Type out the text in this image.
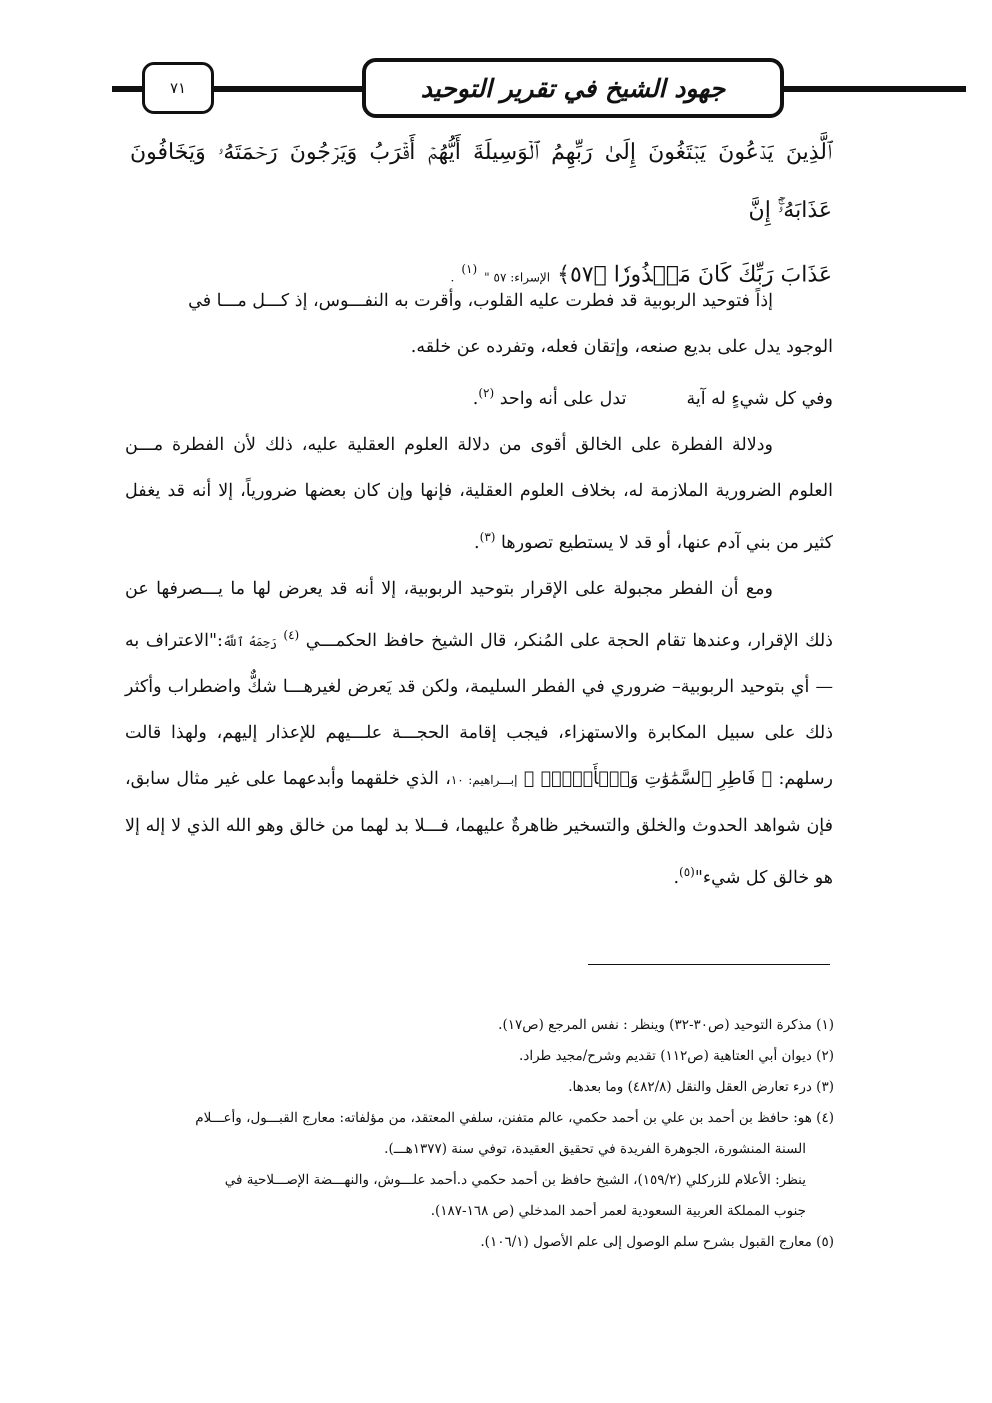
٧١	جهود الشيخ في تقرير التوحيد
ٱلَّذِينَ يَدۡعُونَ يَبۡتَغُونَ إِلَىٰ رَبِّهِمُ ٱلۡوَسِيلَةَ أَيُّهُمۡ أَقۡرَبُ وَيَرۡجُونَ رَحۡمَتَهُۥ وَيَخَافُونَ عَذَابَهُۥٓۚ إِنَّ
عَذَابَ رَبِّكَ كَانَ مَحۡذُورٗا ﴿٥٧﴾ الإسراء: ٥٧ " $^{(١)}$ .

إذاً فتوحيد الربوبية قد فطرت عليه القلوب، وأقرت به النفـــوس، إذ كـــل مـــا في

الوجود يدل على بديع صنعه، وإتقان فعله، وتفرده عن خلقه.

وفي كل شيءٍ له آيةتدل على أنه واحد $^{(٢)}$.

ودلالة الفطرة على الخالق أقوى من دلالة العلوم العقلية عليه، ذلك لأن الفطرة مـــن العلوم الضرورية الملازمة له، بخلاف العلوم العقلية، فإنها وإن كان بعضها ضرورياً، إلا أنه قد يغفل كثير من بني آدم عنها، أو قد لا يستطيع تصورها $^{(٣)}$.

ومع أن الفطر مجبولة على الإقرار بتوحيد الربوبية، إلا أنه قد يعرض لها ما يـــصرفها عن ذلك الإقرار، وعندها تقام الحجة على المُنكر، قال الشيخ حافظ الحكمـــي $^{(٤)}$ رَحِمَهُ ٱللَّهُ:"الاعتراف به — أي بتوحيد الربوبية– ضروري في الفطر السليمة، ولكن قد يَعرض لغيرهـــا شكٌّ واضطراب وأكثر ذلك على سبيل المكابرة والاستهزاء، فيجب إقامة الحجـــة علـــيهم للإعذار إليهم، ولهذا قالت رسلهم: ﴿ فَاطِرِ ٱلسَّمَٰوَٰتِ وَٱلۡأَرۡضِۖ ﴾ إبـــراهيم: ١٠، الذي خلقهما وأبدعهما على غير مثال سابق، فإن شواهد الحدوث والخلق والتسخير ظاهرةٌ عليهما، فـــلا بد لهما من خالق وهو الله الذي لا إله إلا هو خالق كل شيء"$^{(٥)}$.

(١) مذكرة التوحيد (ص٣٠-٣٢) وينظر : نفس المرجع (ص١٧).

(٢) ديوان أبي العتاهية (ص١١٢) تقديم وشرح/مجيد طراد.

(٣) درء تعارض العقل والنقل (٤٨٢/٨) وما بعدها.

(٤) هو: حافظ بن أحمد بن علي بن أحمد حكمي، عالم متفنن، سلفي المعتقد، من مؤلفاته: معارج القبـــول، وأعـــلام

السنة المنشورة، الجوهرة الفريدة في تحقيق العقيدة، توفي سنة (١٣٧٧هـــ).

ينظر: الأعلام للزركلي (١٥٩/٢)، الشيخ حافظ بن أحمد حكمي د.أحمد علـــوش، والنهـــضة الإصـــلاحية في

جنوب المملكة العربية السعودية لعمر أحمد المدخلي (ص ١٦٨-١٨٧).

(٥) معارج القبول بشرح سلم الوصول إلى علم الأصول (١٠٦/١).
